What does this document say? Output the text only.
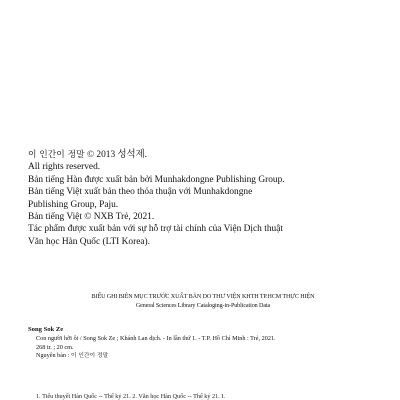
이 인간이 정말 © 2013 성석제.
All rights reserved.
Bản tiếng Hàn được xuất bản bởi Munhakdongne Publishing Group.
Bản tiếng Việt xuất bản theo thỏa thuận với Munhakdongne
Publishing Group, Paju.
Bản tiếng Việt © NXB Trẻ, 2021.
Tác phẩm được xuất bản với sự hỗ trợ tài chính của Viện Dịch thuật
Văn học Hàn Quốc (LTI Korea).
BIỂU GHI BIÊN MỤC TRƯỚC XUẤT BẢN DO THƯ VIỆN KHTH TP.HCM THỰC HIỆN
General Sciences Library Cataloging-in-Publication Data
Song Sok Ze
Con người hỡi ôi / Song Sok Ze ; Khánh Lan dịch. - In lần thứ 1. - T.P. Hồ Chí Minh : Trẻ, 2021.
268 tr. ; 20 cm.
Nguyên bản : 이 인간이 정말
1. Tiểu thuyết Hàn Quốc -- Thế kỷ 21. 2. Văn học Hàn Quốc -- Thế kỷ 21. I.
